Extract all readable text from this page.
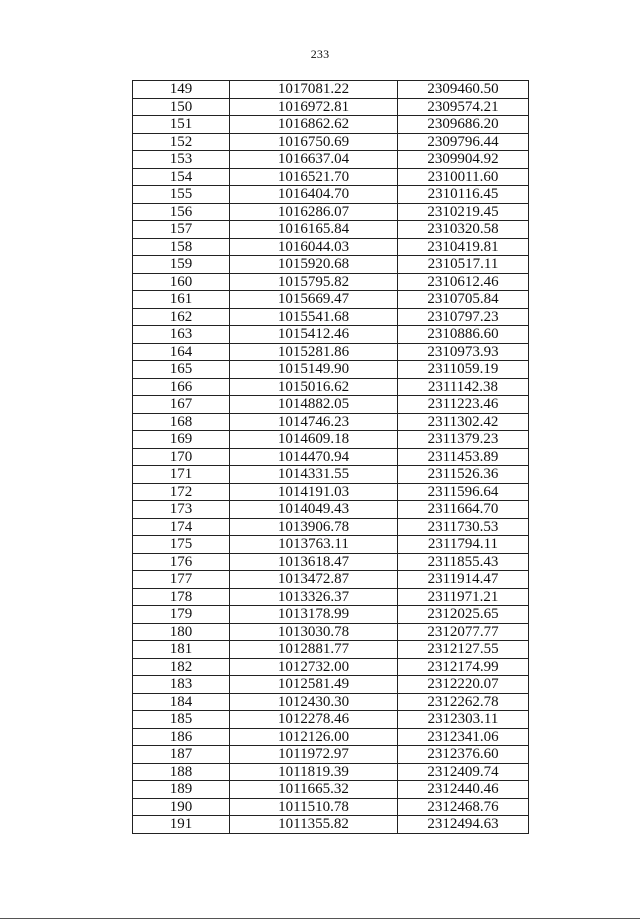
233
149	1017081.22	2309460.50
150	1016972.81	2309574.21
151	1016862.62	2309686.20
152	1016750.69	2309796.44
153	1016637.04	2309904.92
154	1016521.70	2310011.60
155	1016404.70	2310116.45
156	1016286.07	2310219.45
157	1016165.84	2310320.58
158	1016044.03	2310419.81
159	1015920.68	2310517.11
160	1015795.82	2310612.46
161	1015669.47	2310705.84
162	1015541.68	2310797.23
163	1015412.46	2310886.60
164	1015281.86	2310973.93
165	1015149.90	2311059.19
166	1015016.62	2311142.38
167	1014882.05	2311223.46
168	1014746.23	2311302.42
169	1014609.18	2311379.23
170	1014470.94	2311453.89
171	1014331.55	2311526.36
172	1014191.03	2311596.64
173	1014049.43	2311664.70
174	1013906.78	2311730.53
175	1013763.11	2311794.11
176	1013618.47	2311855.43
177	1013472.87	2311914.47
178	1013326.37	2311971.21
179	1013178.99	2312025.65
180	1013030.78	2312077.77
181	1012881.77	2312127.55
182	1012732.00	2312174.99
183	1012581.49	2312220.07
184	1012430.30	2312262.78
185	1012278.46	2312303.11
186	1012126.00	2312341.06
187	1011972.97	2312376.60
188	1011819.39	2312409.74
189	1011665.32	2312440.46
190	1011510.78	2312468.76
191	1011355.82	2312494.63
